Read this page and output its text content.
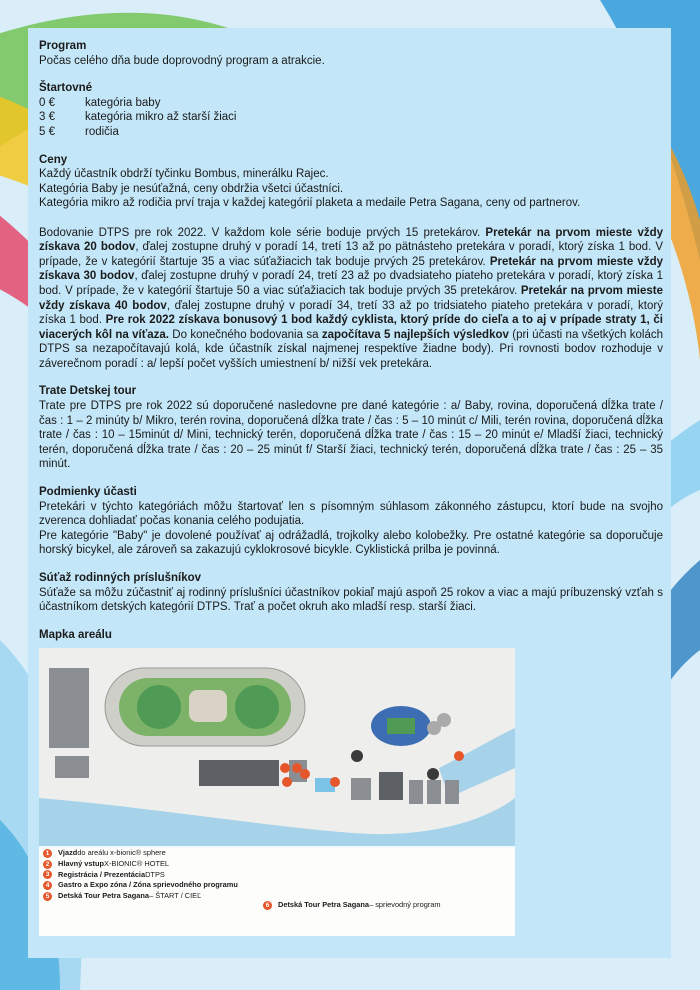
Program

Počas celého dňa bude doprovodný program a atrakcie.

Štartovné
0 €	kategória baby
3 €	kategória mikro až starší žiaci
5 €	rodičia
Ceny

Každý účastník obdrží tyčinku Bombus, minerálku Rajec.

Kategória Baby je nesúťažná, ceny obdržia všetci účastníci.

Kategória mikro až rodičia prví traja v každej kategórií plaketa a medaile Petra Sagana, ceny od partnerov.

Bodovanie DTPS pre rok 2022. V každom kole série boduje prvých 15 pretekárov. Pretekár na prvom mieste vždy získava 20 bodov, ďalej zostupne druhý v poradí 14, tretí 13 až po pätnásteho pretekára v poradí, ktorý získa 1 bod. V prípade, že v kategórií štartuje 35 a viac súťažiacich tak boduje prvých 25 pretekárov. Pretekár na prvom mieste vždy získava 30 bodov, ďalej zostupne druhý v poradí 24, tretí 23 až po dvadsiateho piateho pretekára v poradí, ktorý získa 1 bod. V prípade, že v kategórií štartuje 50 a viac súťažiacich tak boduje prvých 35 pretekárov. Pretekár na prvom mieste vždy získava 40 bodov, ďalej zostupne druhý v poradí 34, tretí 33 až po tridsiateho piateho pretekára v poradí, ktorý získa 1 bod. Pre rok 2022 získava bonusový 1 bod každý cyklista, ktorý príde do cieľa a to aj v prípade straty 1, či viacerých kôl na víťaza. Do konečného bodovania sa započítava 5 najlepších výsledkov (pri účasti na všetkých kolách DTPS sa nezapočítavajú kolá, kde účastník získal najmenej respektíve žiadne body). Pri rovnosti bodov rozhoduje v záverečnom poradí : a/ lepší počet vyšších umiestnení b/ nižší vek pretekára.

Trate Detskej tour

Trate pre DTPS pre rok 2022 sú doporučené nasledovne pre dané kategórie : a/ Baby, rovina, doporučená dĺžka trate / čas : 1 – 2 minúty b/ Mikro, terén rovina, doporučená dĺžka trate / čas : 5 – 10 minút c/ Mili, terén rovina, doporučená dĺžka trate / čas : 10 – 15minút d/ Mini, technický terén, doporučená dĺžka trate / čas : 15 – 20 minút e/ Mladší žiaci, technický terén, doporučená dĺžka trate / čas : 20 – 25 minút f/ Starší žiaci, technický terén, doporučená dĺžka trate / čas : 25 – 35 minút.

Podmienky účasti

Pretekári v týchto kategóriách môžu štartovať len s písomným súhlasom zákonného zástupcu, ktorí bude na svojho zverenca dohliadať počas konania celého podujatia.

Pre kategórie "Baby" je dovolené používať aj odrážadlá, trojkolky alebo kolobežky. Pre ostatné kategórie sa doporučuje horský bicykel, ale zároveň sa zakazujú cyklokrosové bicykle. Cyklistická prilba je povinná.

Súťaž rodinných príslušníkov

Súťaže sa môžu zúčastniť aj rodinný príslušníci účastníkov pokiaľ majú aspoň 25 rokov a viac a majú príbuzenský vzťah s účastníkom detských kategórií DTPS. Trať a počet okruh ako mladší resp. starší žiaci.

Mapka areálu
1	Vjazd do areálu x-bionic® sphere
2	Hlavný vstup X-BIONIC® HOTEL
3	Registrácia / Prezentácia DTPS
4	Gastro a Expo zóna / Zóna sprievodného programu
5	Detská Tour Petra Sagana – ŠTART / CIEĽ
6	Detská Tour Petra Sagana – sprievodný program
